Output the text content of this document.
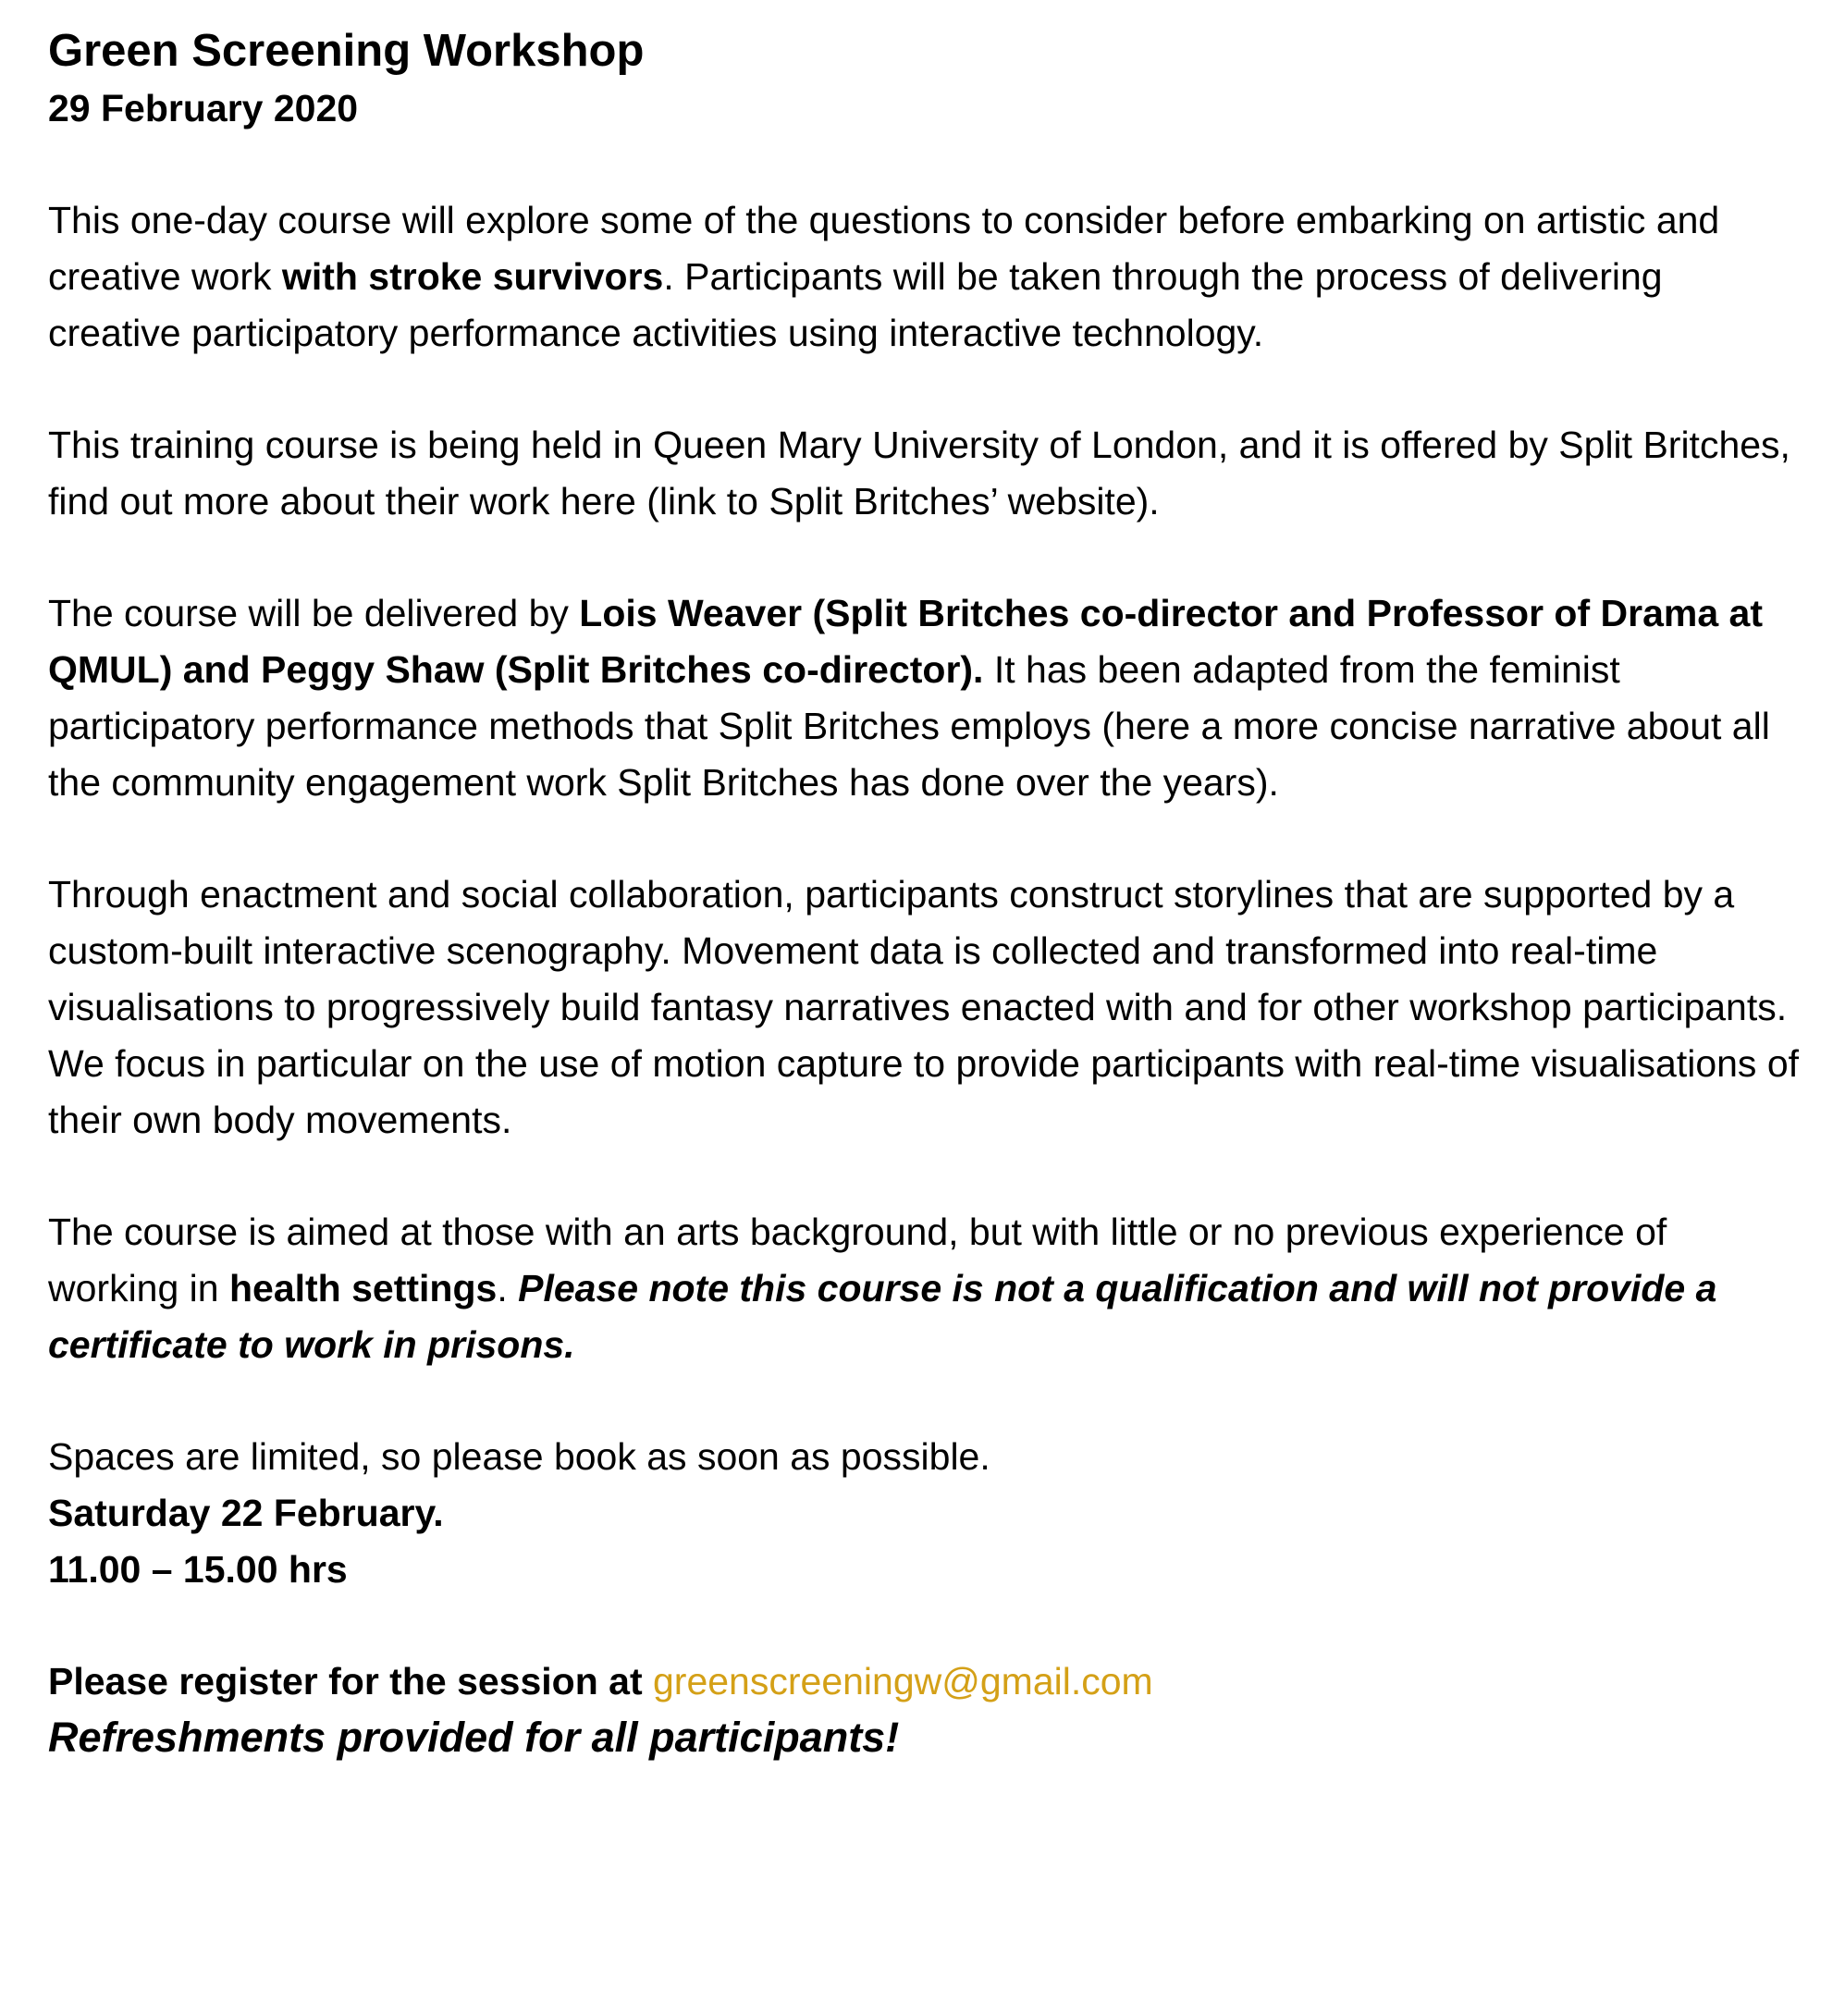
Green Screening Workshop
29 February 2020

This one-day course will explore some of the questions to consider before embarking on artistic and creative work with stroke survivors. Participants will be taken through the process of delivering creative participatory performance activities using interactive technology.

This training course is being held in Queen Mary University of London, and it is offered by Split Britches, find out more about their work here (link to Split Britches’ website).

The course will be delivered by Lois Weaver (Split Britches co-director and Professor of Drama at QMUL) and Peggy Shaw (Split Britches co-director). It has been adapted from the feminist participatory performance methods that Split Britches employs (here a more concise narrative about all the community engagement work Split Britches has done over the years).

Through enactment and social collaboration, participants construct storylines that are supported by a custom-built interactive scenography. Movement data is collected and transformed into real-time visualisations to progressively build fantasy narratives enacted with and for other workshop participants. We focus in particular on the use of motion capture to provide participants with real-time visualisations of their own body movements.

The course is aimed at those with an arts background, but with little or no previous experience of working in health settings. Please note this course is not a qualification and will not provide a certificate to work in prisons.

Spaces are limited, so please book as soon as possible.
Saturday 22 February.
11.00 – 15.00 hrs

Please register for the session at greenscreeningw@gmail.com
Refreshments provided for all participants!
